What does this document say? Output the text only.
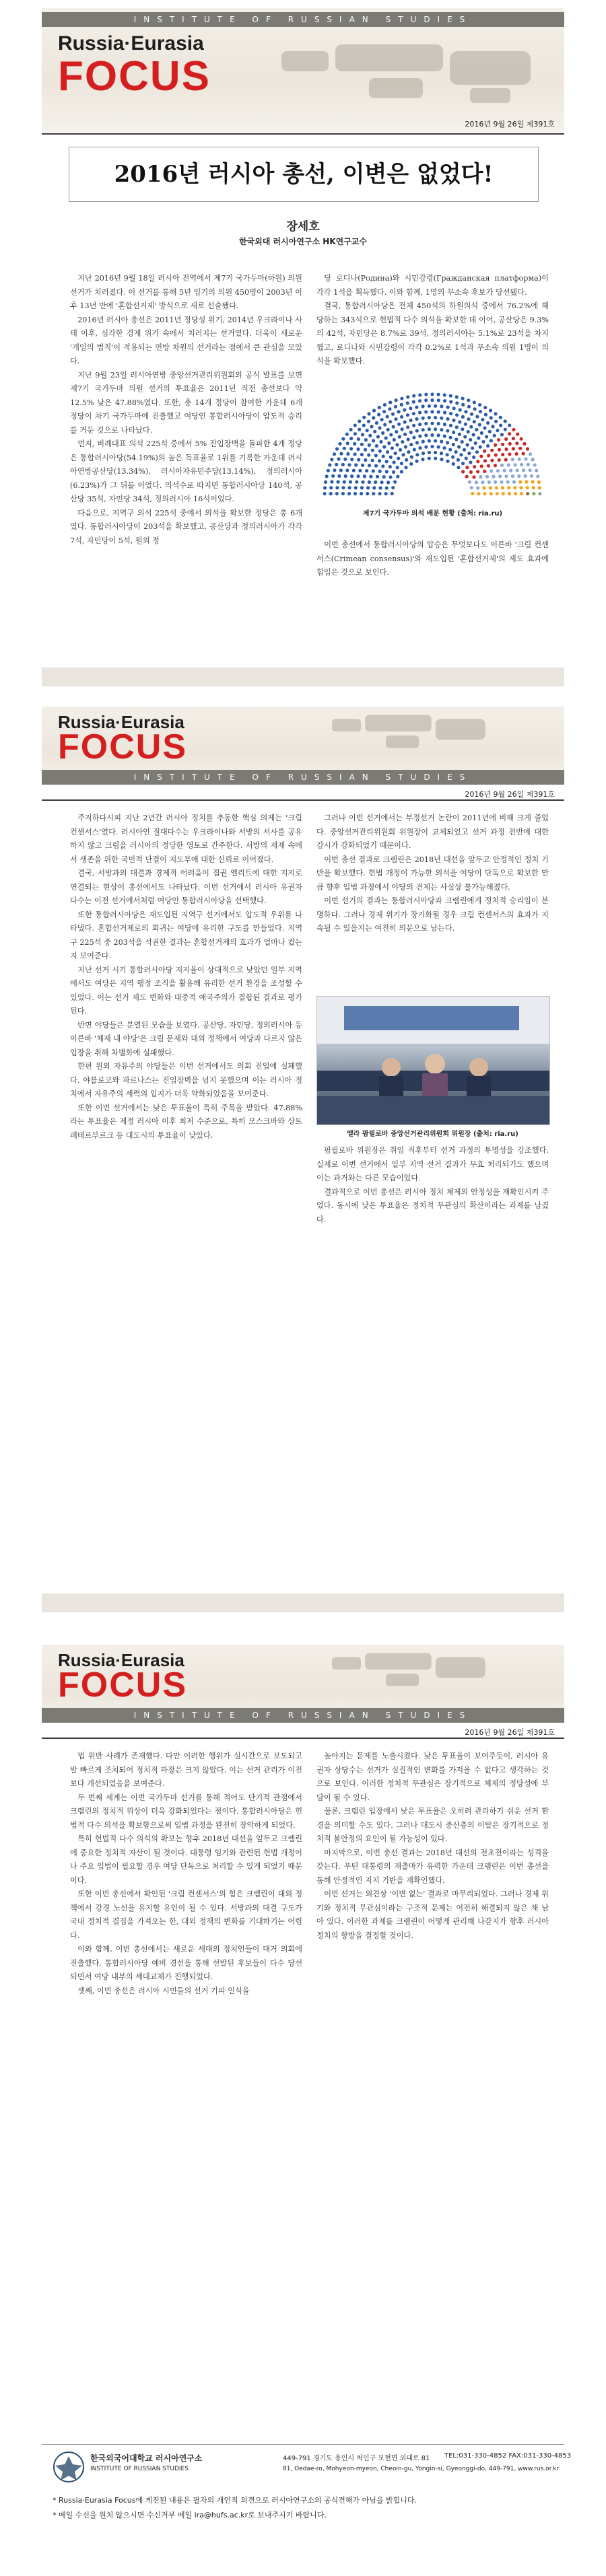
INSTITUTE OF RUSSIAN STUDIES
Russia·Eurasia
FOCUS
2016년 9월 26일 제391호
2016년 러시아 총선, 이변은 없었다!
장세호
한국외대 러시아연구소 HK연구교수

지난 2016년 9월 18일 러시아 전역에서 제7기 국가두마(하원) 의원 선거가 치러졌다. 이 선거를 통해 5년 임기의 의원 450명이 2003년 이후 13년 만에 '혼합선거제' 방식으로 새로 선출됐다.

2016년 러시아 총선은 2011년 정당성 위기, 2014년 우크라이나 사태 이후, 심각한 경제 위기 속에서 치러지는 선거였다. 더욱이 새로운 '게임의 법칙'이 적용되는 연방 차원의 선거라는 점에서 큰 관심을 모았다.

지난 9월 23일 러시아연방 중앙선거관리위원회의 공식 발표를 보면 제7기 국가두마 의원 선거의 투표율은 2011년 직전 총선보다 약 12.5% 낮은 47.88%였다. 또한, 총 14개 정당이 참여한 가운데 6개 정당이 차기 국가두마에 진출했고 여당인 통합러시아당이 압도적 승리를 거둔 것으로 나타났다.

먼저, 비례대표 의석 225석 중에서 5% 진입장벽을 돌파한 4개 정당은 통합러시아당(54.19%)의 높은 득표율로 1위를 기록한 가운데 러시아연방공산당(13.34%), 러시아자유민주당(13.14%), 정의러시아(6.23%)가 그 뒤를 이었다. 의석수로 따지면 통합러시아당 140석, 공산당 35석, 자민당 34석, 정의러시아 16석이었다.

다음으로, 지역구 의석 225석 중에서 의석을 확보한 정당은 총 6개였다. 통합러시아당이 203석을 확보했고, 공산당과 정의러시아가 각각 7석, 자민당이 5석, 원외 정

당 로디나(Родина)와 시민강령(Гражданская платформа)이 각각 1석을 획득했다. 이와 함께, 1명의 무소속 후보가 당선됐다.

결국, 통합러시아당은 전체 450석의 하원의석 중에서 76.2%에 해당하는 343석으로 헌법적 다수 의석을 확보한 데 이어, 공산당은 9.3%의 42석, 자민당은 8.7%로 39석, 정의러시아는 5.1%로 23석을 차지했고, 로디나와 시민강령이 각각 0.2%로 1석과 무소속 의원 1명이 의석을 확보했다.

제7기 국가두마 의석 배분 현황 (출처: ria.ru)

이번 총선에서 통합러시아당의 압승은 무엇보다도 이른바 '크림 컨센서스(Crimean consensus)'와 재도입된 '혼합선거제'의 제도 효과에 힘입은 것으로 보인다.

Russia·Eurasia
FOCUS
INSTITUTE OF RUSSIAN STUDIES
2016년 9월 26일 제391호

주지하다시피 지난 2년간 러시아 정치를 추동한 핵심 의제는 '크림 컨센서스'였다. 러시아인 절대다수는 우크라이나와 서방의 서사를 공유하지 않고 크림을 러시아의 정당한 영토로 간주한다. 서방의 제재 속에서 생존을 위한 국민적 단결이 지도부에 대한 신뢰로 이어졌다.

결국, 서방과의 대결과 경제적 어려움이 집권 엘리트에 대한 지지로 연결되는 현상이 총선에서도 나타났다. 이번 선거에서 러시아 유권자 다수는 이전 선거에서처럼 여당인 통합러시아당을 선택했다.

또한 통합러시아당은 재도입된 지역구 선거에서도 압도적 우위를 나타냈다. 혼합선거제로의 회귀는 여당에 유리한 구도를 만들었다. 지역구 225석 중 203석을 석권한 결과는 혼합선거제의 효과가 얼마나 컸는지 보여준다.

지난 선거 시기 통합러시아당 지지율이 상대적으로 낮았던 일부 지역에서도 여당은 지역 행정 조직을 활용해 유리한 선거 환경을 조성할 수 있었다. 이는 선거 제도 변화와 대중적 애국주의가 결합된 결과로 평가된다.

반면 야당들은 분열된 모습을 보였다. 공산당, 자민당, 정의러시아 등 이른바 '체제 내 야당'은 크림 문제와 대외 정책에서 여당과 다르지 않은 입장을 취해 차별화에 실패했다.

한편 원외 자유주의 야당들은 이번 선거에서도 의회 진입에 실패했다. 야블로코와 파르나스는 진입장벽을 넘지 못했으며 이는 러시아 정치에서 자유주의 세력의 입지가 더욱 약화되었음을 보여준다.

또한 이번 선거에서는 낮은 투표율이 특히 주목을 받았다. 47.88%라는 투표율은 제정 러시아 이후 최저 수준으로, 특히 모스크바와 상트페테르부르크 등 대도시의 투표율이 낮았다.

그러나 이번 선거에서는 부정선거 논란이 2011년에 비해 크게 줄었다. 중앙선거관리위원회 위원장이 교체되었고 선거 과정 전반에 대한 감시가 강화되었기 때문이다.

이번 총선 결과로 크렘린은 2018년 대선을 앞두고 안정적인 정치 기반을 확보했다. 헌법 개정이 가능한 의석을 여당이 단독으로 확보한 만큼 향후 입법 과정에서 야당의 견제는 사실상 불가능해졌다.

이번 선거의 결과는 통합러시아당과 크렘린에게 정치적 승리임이 분명하다. 그러나 경제 위기가 장기화될 경우 크림 컨센서스의 효과가 지속될 수 있을지는 여전히 의문으로 남는다.

엘라 팜필로바 중앙선거관리위원회 위원장 (출처: ria.ru)

팜필로바 위원장은 취임 직후부터 선거 과정의 투명성을 강조했다. 실제로 이번 선거에서 일부 지역 선거 결과가 무효 처리되기도 했으며 이는 과거와는 다른 모습이었다.

결과적으로 이번 총선은 러시아 정치 체제의 안정성을 재확인시켜 주었다. 동시에 낮은 투표율은 정치적 무관심의 확산이라는 과제를 남겼다.

Russia·Eurasia
FOCUS
INSTITUTE OF RUSSIAN STUDIES
2016년 9월 26일 제391호

법 위반 사례가 존재했다. 다만 이러한 행위가 실시간으로 보도되고 발 빠르게 조치되어 정치적 파장은 크지 않았다. 이는 선거 관리가 이전보다 개선되었음을 보여준다.

두 번째 세계는 이번 국가두마 선거를 통해 적어도 단기적 관점에서 크렘린의 정치적 위상이 더욱 강화되었다는 점이다. 통합러시아당은 헌법적 다수 의석을 확보함으로써 입법 과정을 완전히 장악하게 되었다.

특히 헌법적 다수 의석의 확보는 향후 2018년 대선을 앞두고 크렘린에 중요한 정치적 자산이 될 것이다. 대통령 임기와 관련된 헌법 개정이나 주요 입법이 필요할 경우 여당 단독으로 처리할 수 있게 되었기 때문이다.

또한 이번 총선에서 확인된 '크림 컨센서스'의 힘은 크렘린이 대외 정책에서 강경 노선을 유지할 유인이 될 수 있다. 서방과의 대결 구도가 국내 정치적 결집을 가져오는 한, 대외 정책의 변화를 기대하기는 어렵다.

이와 함께, 이번 총선에서는 새로운 세대의 정치인들이 대거 의회에 진출했다. 통합러시아당 예비 경선을 통해 선발된 후보들이 다수 당선되면서 여당 내부의 세대교체가 진행되었다.

셋째, 이번 총선은 러시아 시민들의 선거 기피 인식을

높아지는 문제를 노출시켰다. 낮은 투표율이 보여주듯이, 러시아 유권자 상당수는 선거가 실질적인 변화를 가져올 수 없다고 생각하는 것으로 보인다. 이러한 정치적 무관심은 장기적으로 체제의 정당성에 부담이 될 수 있다.

물론, 크렘린 입장에서 낮은 투표율은 오히려 관리하기 쉬운 선거 환경을 의미할 수도 있다. 그러나 대도시 중산층의 이탈은 장기적으로 정치적 불안정의 요인이 될 가능성이 있다.

마지막으로, 이번 총선 결과는 2018년 대선의 전초전이라는 성격을 갖는다. 푸틴 대통령의 재출마가 유력한 가운데 크렘린은 이번 총선을 통해 안정적인 지지 기반을 재확인했다.

이번 선거는 외견상 '이변 없는' 결과로 마무리되었다. 그러나 경제 위기와 정치적 무관심이라는 구조적 문제는 여전히 해결되지 않은 채 남아 있다. 이러한 과제를 크렘린이 어떻게 관리해 나갈지가 향후 러시아 정치의 향방을 결정할 것이다.

한국외국어대학교 러시아연구소
INSTITUTE OF RUSSIAN STUDIES
449-791 경기도 용인시 처인구 모현면 외대로 81 TEL:031-330-4852 FAX:031-330-4853
81, Oedae-ro, Mohyeon-myeon, Cheoin-gu, Yongin-si, Gyeonggi-do, 449-791, www.rus.or.kr
* Russia·Eurasia Focus에 게진된 내용은 필자의 개인적 의견으로 러시아연구소의 공식견해가 아님을 밝힙니다.
* 메일 수신을 원치 않으시면 수신거부 메일 ira@hufs.ac.kr로 보내주시기 바랍니다.
